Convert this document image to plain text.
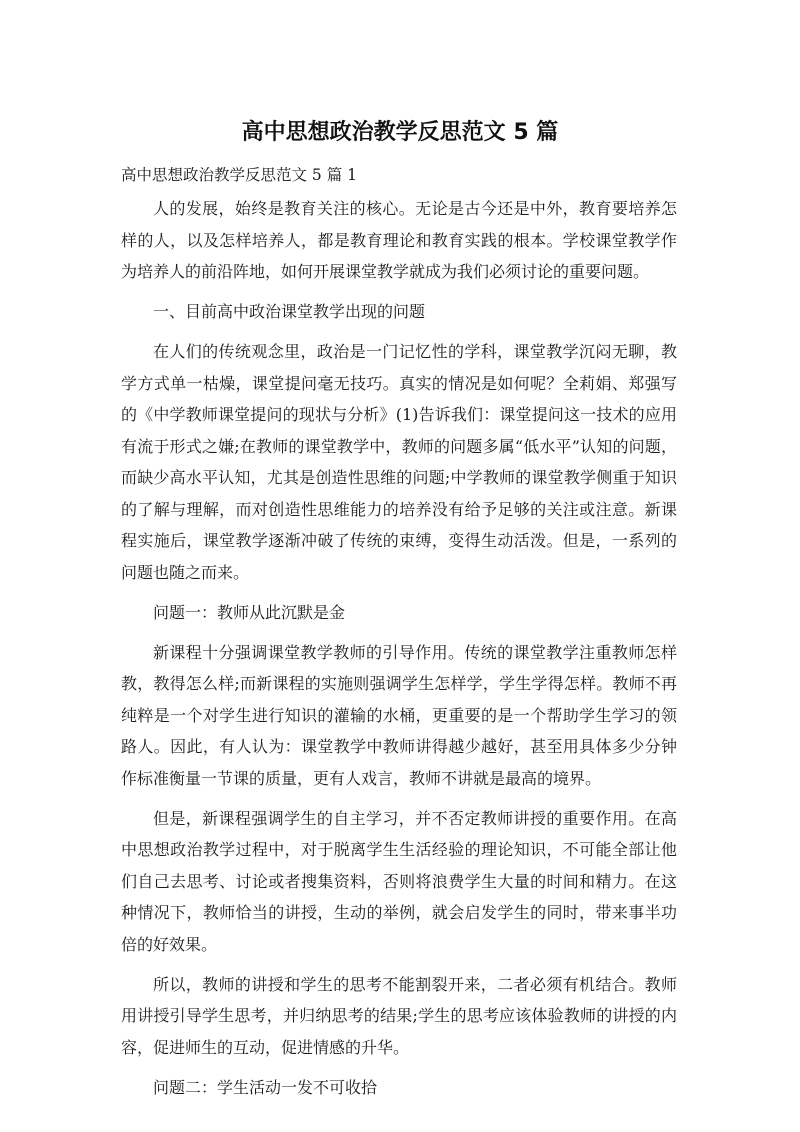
高中思想政治教学反思范文 5 篇

高中思想政治教学反思范文 5 篇 1

人的发展，始终是教育关注的核心。无论是古今还是中外，教育要培养怎样的人，以及怎样培养人，都是教育理论和教育实践的根本。学校课堂教学作为培养人的前沿阵地，如何开展课堂教学就成为我们必须讨论的重要问题。

一、目前高中政治课堂教学出现的问题

在人们的传统观念里，政治是一门记忆性的学科，课堂教学沉闷无聊，教学方式单一枯燥，课堂提问毫无技巧。真实的情况是如何呢？全莉娟、郑强写的《中学教师课堂提问的现状与分析》(1)告诉我们：课堂提问这一技术的应用有流于形式之嫌;在教师的课堂教学中，教师的问题多属“低水平”认知的问题，而缺少高水平认知，尤其是创造性思维的问题;中学教师的课堂教学侧重于知识的了解与理解，而对创造性思维能力的培养没有给予足够的关注或注意。新课程实施后，课堂教学逐渐冲破了传统的束缚，变得生动活泼。但是，一系列的问题也随之而来。

问题一：教师从此沉默是金

新课程十分强调课堂教学教师的引导作用。传统的课堂教学注重教师怎样教，教得怎么样;而新课程的实施则强调学生怎样学，学生学得怎样。教师不再纯粹是一个对学生进行知识的灌输的水桶，更重要的是一个帮助学生学习的领路人。因此，有人认为：课堂教学中教师讲得越少越好，甚至用具体多少分钟作标准衡量一节课的质量，更有人戏言，教师不讲就是最高的境界。

但是，新课程强调学生的自主学习，并不否定教师讲授的重要作用。在高中思想政治教学过程中，对于脱离学生生活经验的理论知识，不可能全部让他们自己去思考、讨论或者搜集资料，否则将浪费学生大量的时间和精力。在这种情况下，教师恰当的讲授，生动的举例，就会启发学生的同时，带来事半功倍的好效果。

所以，教师的讲授和学生的思考不能割裂开来，二者必须有机结合。教师用讲授引导学生思考，并归纳思考的结果;学生的思考应该体验教师的讲授的内容，促进师生的互动，促进情感的升华。

问题二：学生活动一发不可收拾
